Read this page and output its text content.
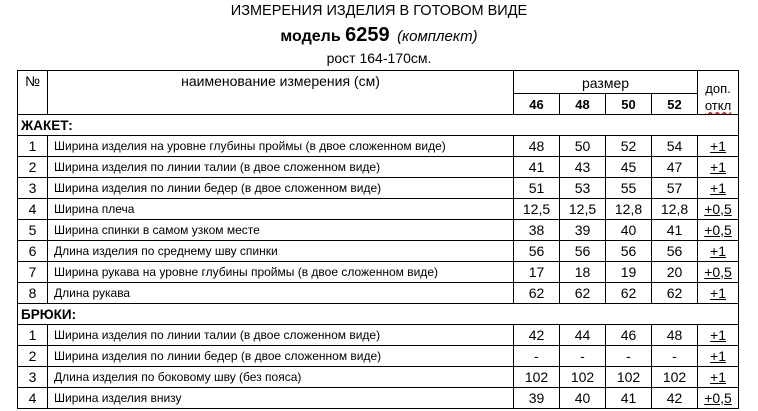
ИЗМЕРЕНИЯ ИЗДЕЛИЯ В ГОТОВОМ ВИДЕ
модель 6259 (комплект)
рост 164-170см.
№	наименование измерения (см)	размер				доп.
откл

		46	48	50	52	
ЖАКЕТ:						
1	Ширина изделия на уровне глубины проймы (в двое сложенном виде)	48	50	52	54	+1
2	Ширина изделия по линии талии (в двое сложенном виде)	41	43	45	47	+1
3	Ширина изделия по линии бедер (в двое сложенном виде)	51	53	55	57	+1
4	Ширина плеча	12,5	12,5	12,8	12,8	+0,5
5	Ширина спинки в самом узком месте	38	39	40	41	+0,5
6	Длина изделия по среднему шву спинки	56	56	56	56	+1
7	Ширина рукава на уровне глубины проймы (в двое сложенном виде)	17	18	19	20	+0,5
8	Длина рукава	62	62	62	62	+1
БРЮКИ:						
1	Ширина изделия по линии талии (в двое сложенном виде)	42	44	46	48	+1
2	Ширина изделия по линии бедер (в двое сложенном виде)	-	-	-	-	+1
3	Длина изделия по боковому шву (без пояса)	102	102	102	102	+1
4	Ширина изделия внизу	39	40	41	42	+0,5
